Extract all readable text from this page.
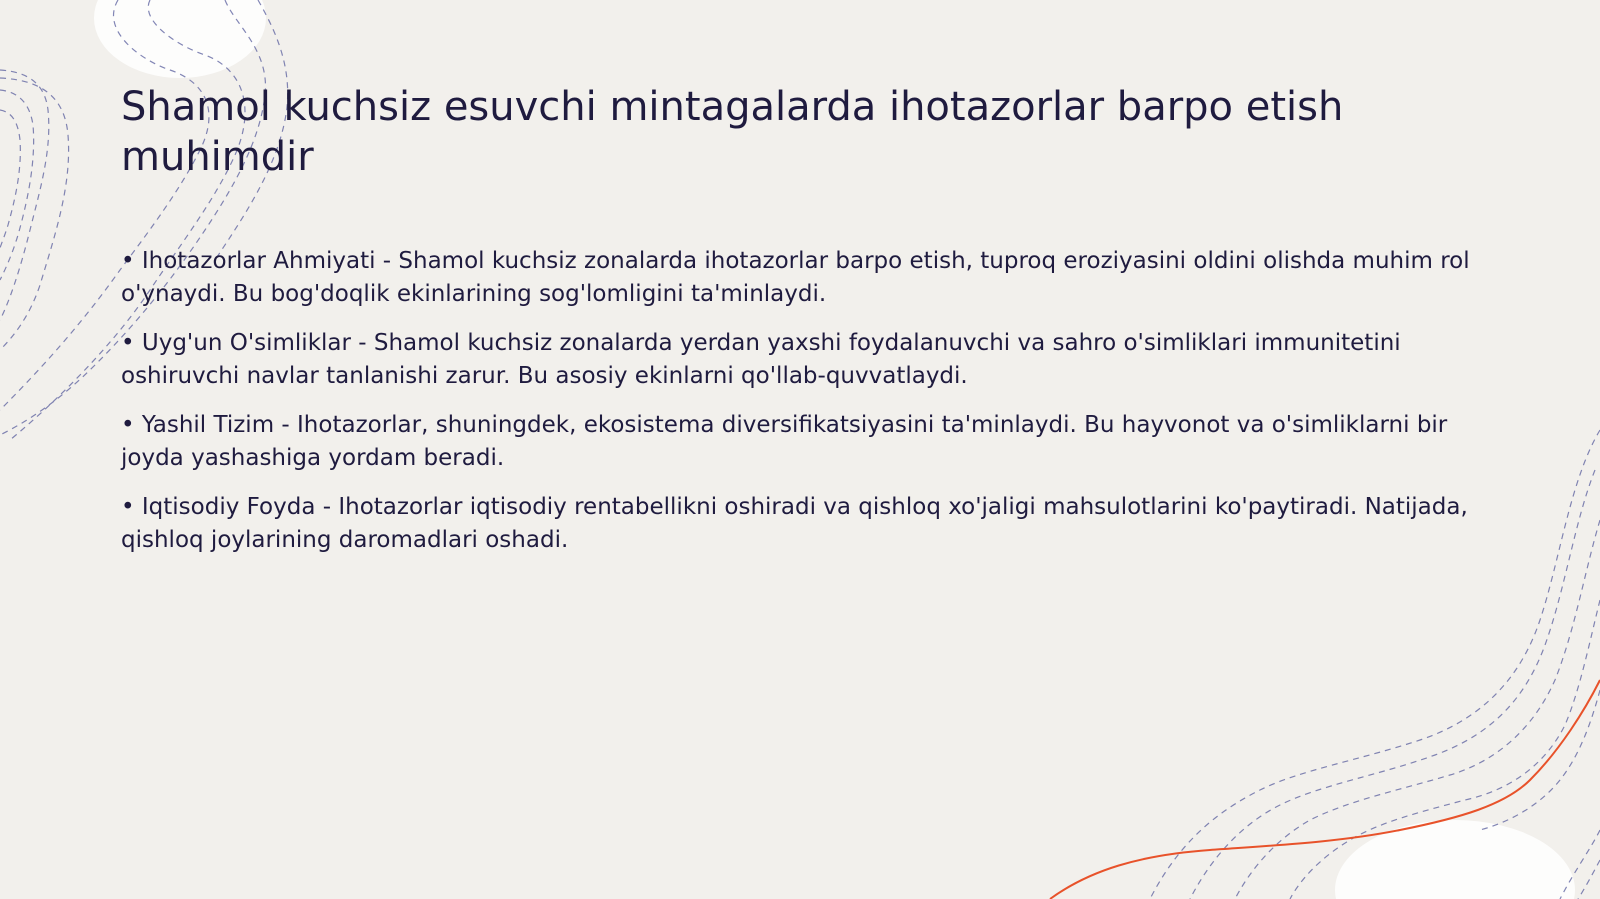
Shamol kuchsiz esuvchi mintagalarda ihotazorlar barpo etish muhimdir
• Ihotazorlar Ahmiyati - Shamol kuchsiz zonalarda ihotazorlar barpo etish, tuproq eroziyasini oldini olishda muhim rol o'ynaydi. Bu bog'doqlik ekinlarining sog'lomligini ta'minlaydi.
• Uyg'un O'simliklar - Shamol kuchsiz zonalarda yerdan yaxshi foydalanuvchi va sahro o'simliklari immunitetini oshiruvchi navlar tanlanishi zarur. Bu asosiy ekinlarni qo'llab-quvvatlaydi.
• Yashil Tizim - Ihotazorlar, shuningdek, ekosistema diversifikatsiyasini ta'minlaydi. Bu hayvonot va o'simliklarni bir joyda yashashiga yordam beradi.
• Iqtisodiy Foyda - Ihotazorlar iqtisodiy rentabellikni oshiradi va qishloq xo'jaligi mahsulotlarini ko'paytiradi. Natijada, qishloq joylarining daromadlari oshadi.
